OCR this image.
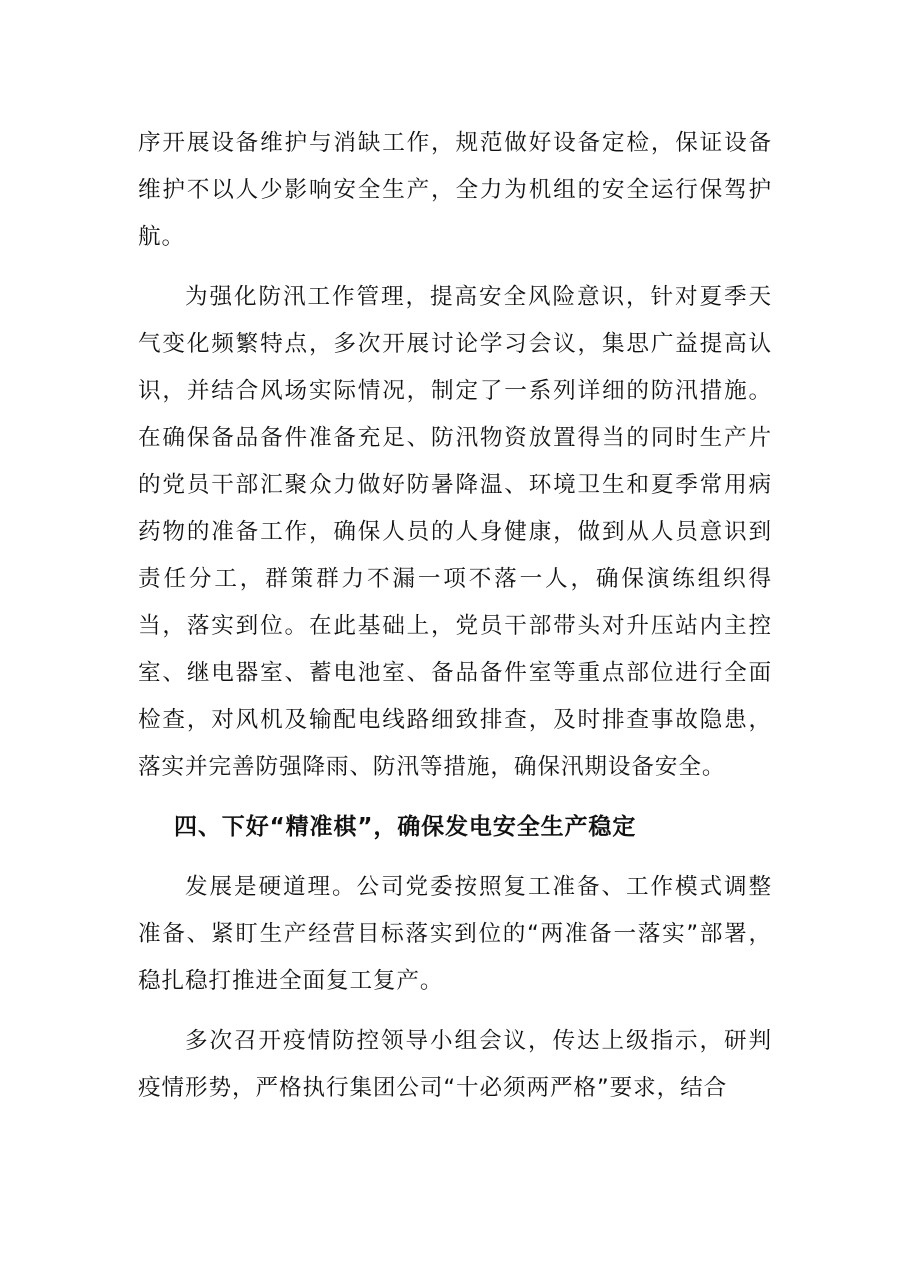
序开展设备维护与消缺工作，规范做好设备定检，保证设备维护不以人少影响安全生产，全力为机组的安全运行保驾护航。

为强化防汛工作管理，提高安全风险意识，针对夏季天气变化频繁特点，多次开展讨论学习会议，集思广益提高认识，并结合风场实际情况，制定了一系列详细的防汛措施。在确保备品备件准备充足、防汛物资放置得当的同时生产片的党员干部汇聚众力做好防暑降温、环境卫生和夏季常用病药物的准备工作，确保人员的人身健康，做到从人员意识到责任分工，群策群力不漏一项不落一人，确保演练组织得当，落实到位。在此基础上，党员干部带头对升压站内主控室、继电器室、蓄电池室、备品备件室等重点部位进行全面检查，对风机及输配电线路细致排查，及时排查事故隐患，落实并完善防强降雨、防汛等措施，确保汛期设备安全。

四、下好“精准棋”，确保发电安全生产稳定

发展是硬道理。公司党委按照复工准备、工作模式调整准备、紧盯生产经营目标落实到位的“两准备一落实”部署，稳扎稳打推进全面复工复产。

多次召开疫情防控领导小组会议，传达上级指示，研判疫情形势，严格执行集团公司“十必须两严格”要求，结合
